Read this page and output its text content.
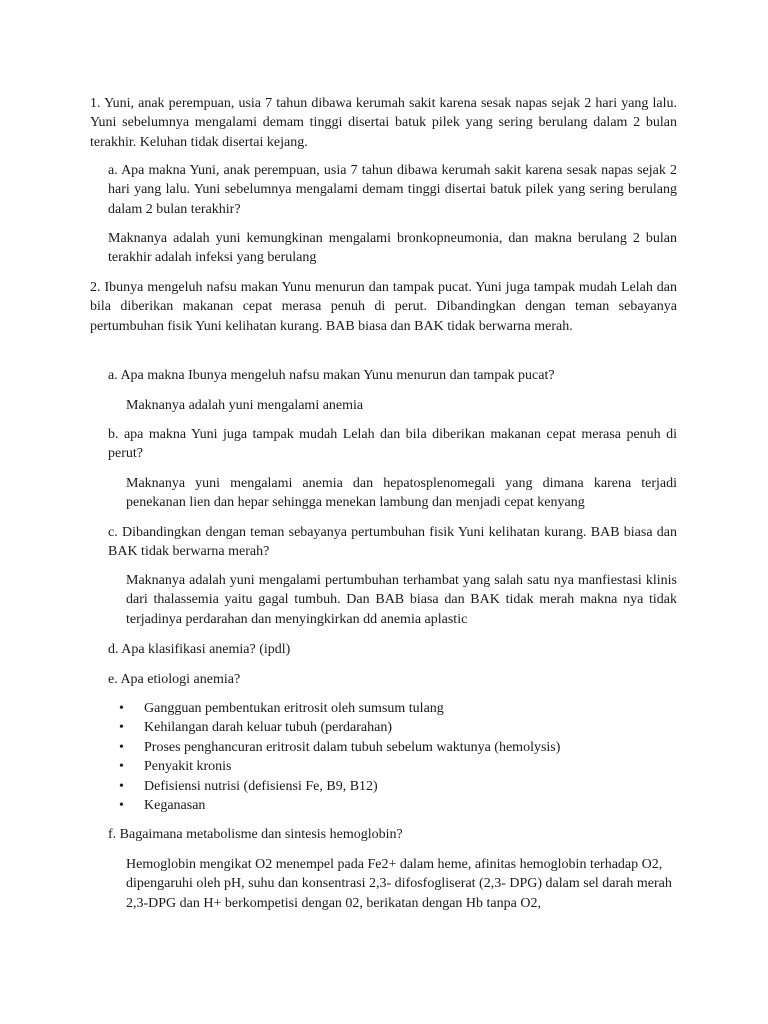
1. Yuni, anak perempuan, usia 7 tahun dibawa kerumah sakit karena sesak napas sejak 2 hari yang lalu. Yuni sebelumnya mengalami demam tinggi disertai batuk pilek yang sering berulang dalam 2 bulan terakhir. Keluhan tidak disertai kejang.

a. Apa makna Yuni, anak perempuan, usia 7 tahun dibawa kerumah sakit karena sesak napas sejak 2 hari yang lalu. Yuni sebelumnya mengalami demam tinggi disertai batuk pilek yang sering berulang dalam 2 bulan terakhir?

Maknanya adalah yuni kemungkinan mengalami bronkopneumonia, dan makna berulang 2 bulan terakhir adalah infeksi yang berulang

2. Ibunya mengeluh nafsu makan Yunu menurun dan tampak pucat. Yuni juga tampak mudah Lelah dan bila diberikan makanan cepat merasa penuh di perut. Dibandingkan dengan teman sebayanya pertumbuhan fisik Yuni kelihatan kurang. BAB biasa dan BAK tidak berwarna merah.

a. Apa makna Ibunya mengeluh nafsu makan Yunu menurun dan tampak pucat?

Maknanya adalah yuni mengalami anemia

b. apa makna Yuni juga tampak mudah Lelah dan bila diberikan makanan cepat merasa penuh di perut?

Maknanya yuni mengalami anemia dan hepatosplenomegali yang dimana karena terjadi penekanan lien dan hepar sehingga menekan lambung dan menjadi cepat kenyang

c. Dibandingkan dengan teman sebayanya pertumbuhan fisik Yuni kelihatan kurang. BAB biasa dan BAK tidak berwarna merah?

Maknanya adalah yuni mengalami pertumbuhan terhambat yang salah satu nya manfiestasi klinis dari thalassemia yaitu gagal tumbuh. Dan BAB biasa dan BAK tidak merah makna nya tidak terjadinya perdarahan dan menyingkirkan dd anemia aplastic

d. Apa klasifikasi anemia? (ipdl)

e. Apa etiologi anemia?

• Gangguan pembentukan eritrosit oleh sumsum tulang
• Kehilangan darah keluar tubuh (perdarahan)
• Proses penghancuran eritrosit dalam tubuh sebelum waktunya (hemolysis)
• Penyakit kronis
• Defisiensi nutrisi (defisiensi Fe, B9, B12)
• Keganasan

f. Bagaimana metabolisme dan sintesis hemoglobin?

Hemoglobin mengikat O2 menempel pada Fe2+ dalam heme, afinitas hemoglobin terhadap O2, dipengaruhi oleh pH, suhu dan konsentrasi 2,3- difosfogliserat (2,3- DPG) dalam sel darah merah 2,3-DPG dan H+ berkompetisi dengan 02, berikatan dengan Hb tanpa O2,
